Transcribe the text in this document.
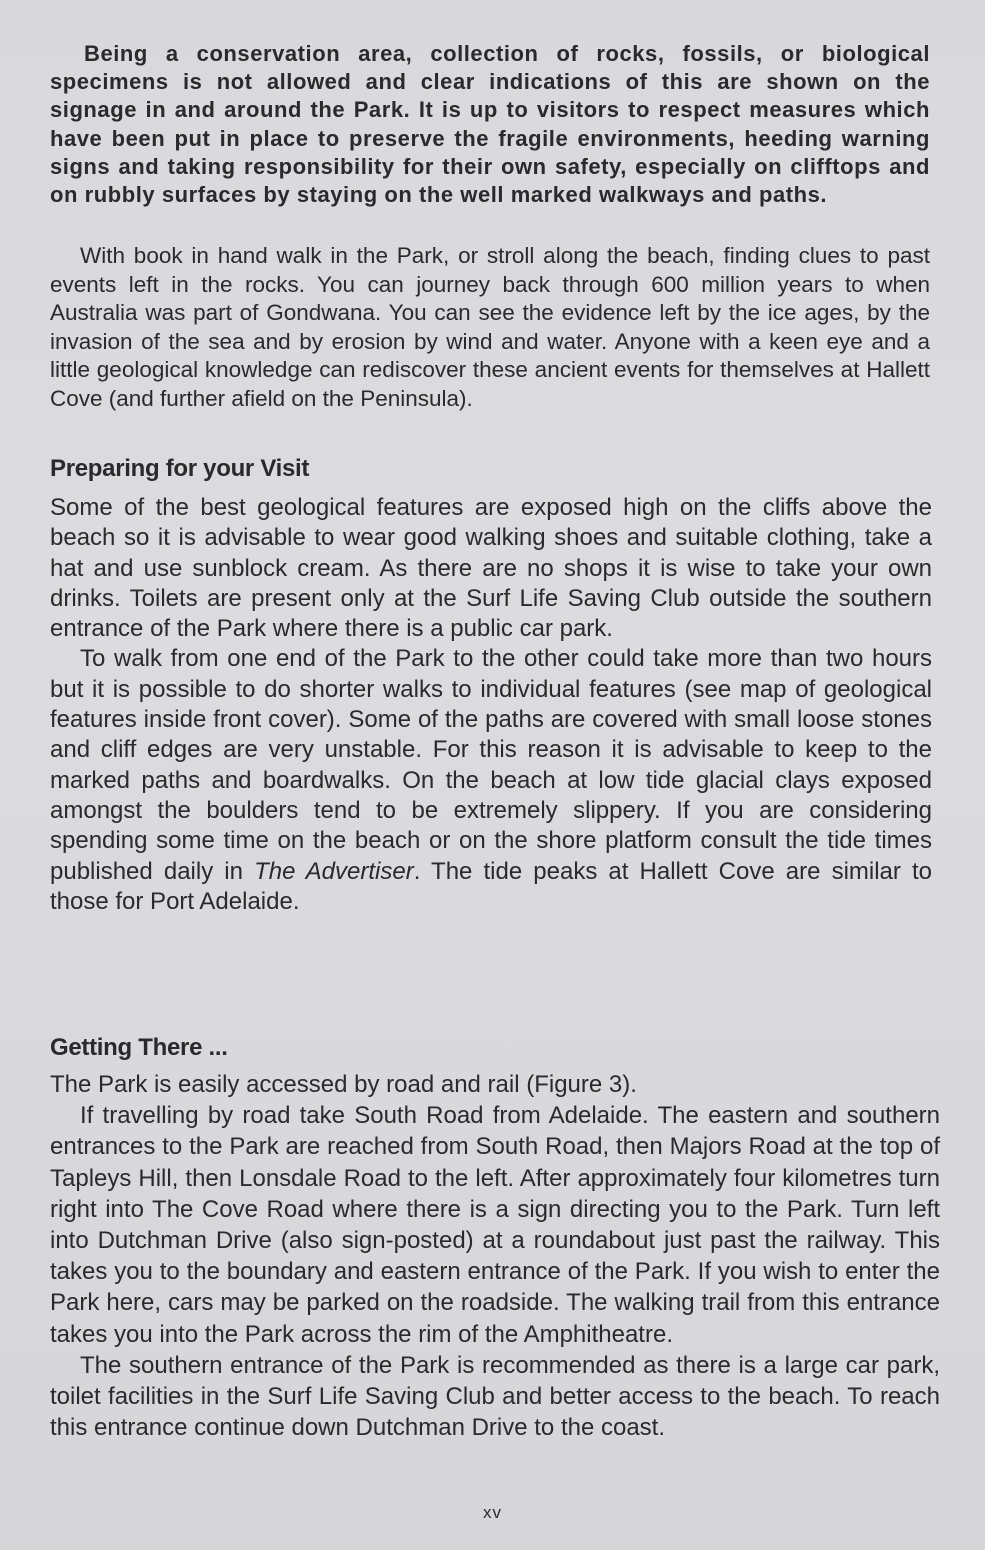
Being a conservation area, collection of rocks, fossils, or biological specimens is not allowed and clear indications of this are shown on the signage in and around the Park. It is up to visitors to respect measures which have been put in place to preserve the fragile environments, heeding warning signs and taking responsibility for their own safety, especially on clifftops and on rubbly surfaces by staying on the well marked walkways and paths.

With book in hand walk in the Park, or stroll along the beach, finding clues to past events left in the rocks. You can journey back through 600 million years to when Australia was part of Gondwana. You can see the evidence left by the ice ages, by the invasion of the sea and by erosion by wind and water. Anyone with a keen eye and a little geological knowledge can rediscover these ancient events for themselves at Hallett Cove (and further afield on the Peninsula).

Preparing for your Visit

Some of the best geological features are exposed high on the cliffs above the beach so it is advisable to wear good walking shoes and suitable clothing, take a hat and use sunblock cream. As there are no shops it is wise to take your own drinks. Toilets are present only at the Surf Life Saving Club outside the southern entrance of the Park where there is a public car park.

To walk from one end of the Park to the other could take more than two hours but it is possible to do shorter walks to individual features (see map of geological features inside front cover). Some of the paths are covered with small loose stones and cliff edges are very unstable. For this reason it is advisable to keep to the marked paths and boardwalks. On the beach at low tide glacial clays exposed amongst the boulders tend to be extremely slippery. If you are considering spending some time on the beach or on the shore platform consult the tide times published daily in The Advertiser. The tide peaks at Hallett Cove are similar to those for Port Adelaide.

Getting There ...

The Park is easily accessed by road and rail (Figure 3).

If travelling by road take South Road from Adelaide. The eastern and southern entrances to the Park are reached from South Road, then Majors Road at the top of Tapleys Hill, then Lonsdale Road to the left. After approximately four kilometres turn right into The Cove Road where there is a sign directing you to the Park. Turn left into Dutchman Drive (also sign-posted) at a roundabout just past the railway. This takes you to the boundary and eastern entrance of the Park. If you wish to enter the Park here, cars may be parked on the roadside. The walking trail from this entrance takes you into the Park across the rim of the Amphitheatre.

The southern entrance of the Park is recommended as there is a large car park, toilet facilities in the Surf Life Saving Club and better access to the beach. To reach this entrance continue down Dutchman Drive to the coast.

xv
